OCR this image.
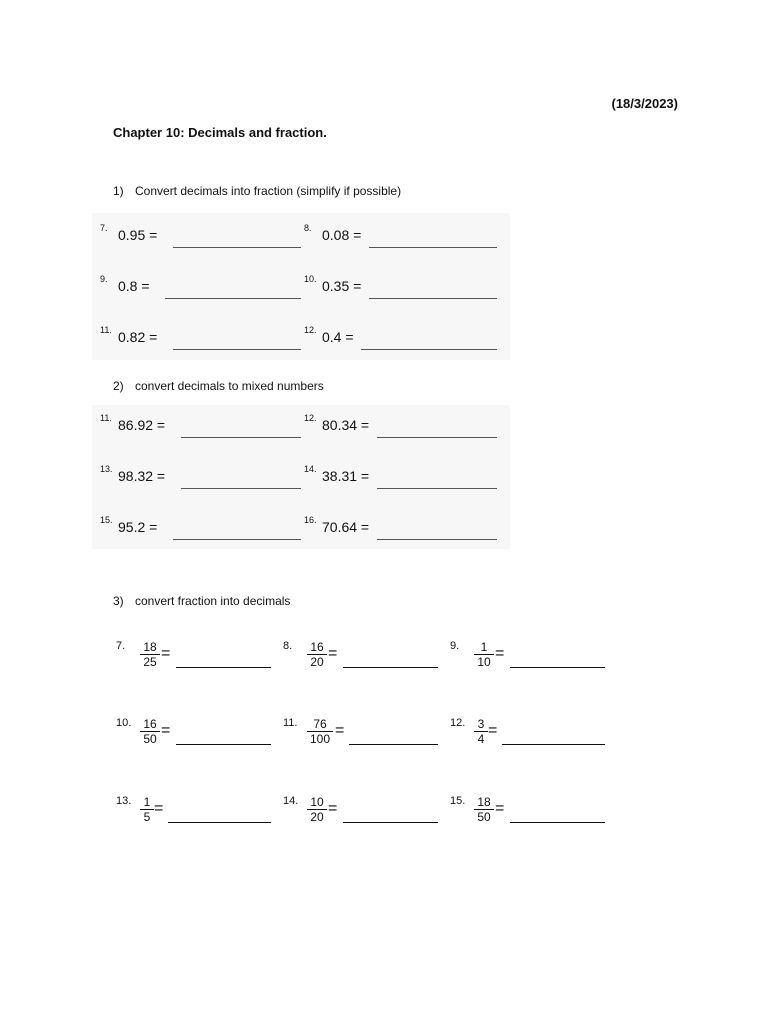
(18/3/2023)
Chapter 10: Decimals and fraction.
1) Convert decimals into fraction (simplify if possible)
7. 0.95 =	8. 0.08 =
9. 0.8 =	10. 0.35 =
11. 0.82 =	12. 0.4 =
2) convert decimals to mixed numbers
11. 86.92 =	12. 80.34 =
13. 98.32 =	14. 38.31 =
15. 95.2 =	16. 70.64 =
3) convert fraction into decimals
7. $\frac{18}{25}$ =	8. $\frac{16}{20}$ =	9. $\frac{1}{10}$ =
10. $\frac{16}{50}$ =	11. $\frac{76}{100}$ =	12. $\frac{3}{4}$ =
13. $\frac{1}{5}$ =	14. $\frac{10}{20}$ =	15. $\frac{18}{50}$ =
